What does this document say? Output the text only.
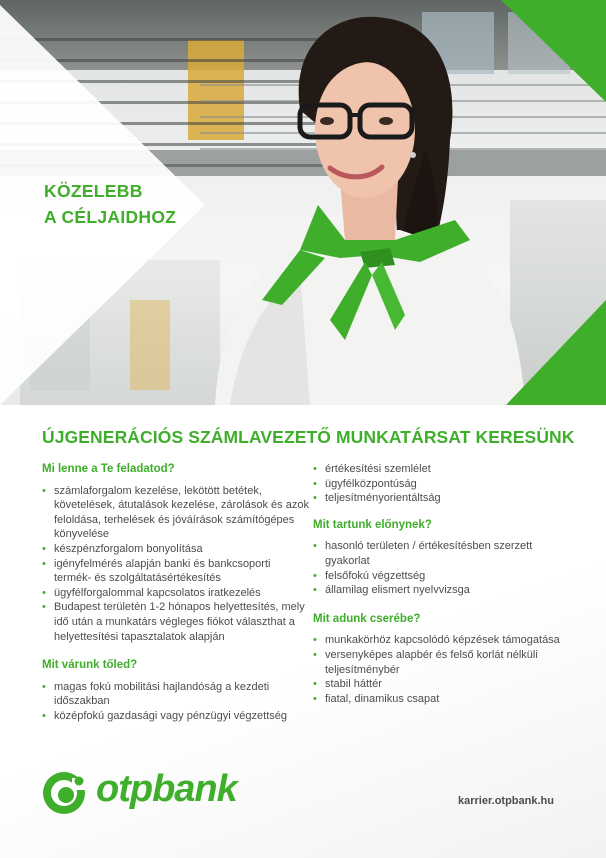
KÖZELEBB
A CÉLJAIDHOZ
ÚJGENERÁCIÓS SZÁMLAVEZETŐ MUNKATÁRSAT KERESÜNK
Mi lenne a Te feladatod?
• számlaforgalom kezelése, lekötött betétek, követelések, átutalások kezelése, zárolások és azok feloldása, terhelések és jóváírások számítógépes könyvelése
• készpénzforgalom bonyolítása
• igényfelmérés alapján banki és bankcsoporti termék- és szolgáltatásértékesítés
• ügyfélforgalommal kapcsolatos iratkezelés
• Budapest területén 1-2 hónapos helyettesítés, mely idő után a munkatárs végleges fiókot választhat a helyettesítési tapasztalatok alapján
Mit várunk tőled?
• magas fokú mobilitási hajlandóság a kezdeti időszakban
• középfokú gazdasági vagy pénzügyi végzettség
• értékesítési szemlélet
• ügyfélközpontúság
• teljesítményorientáltság
Mit tartunk előnynek?
• hasonló területen / értékesítésben szerzett gyakorlat
• felsőfokú végzettség
• államilag elismert nyelvvizsga
Mit adunk cserébe?
• munkakörhöz kapcsolódó képzések támogatása
• versenyképes alapbér és felső korlát nélküli teljesítménybér
• stabil háttér
• fiatal, dinamikus csapat
otpbank	karrier.otpbank.hu
